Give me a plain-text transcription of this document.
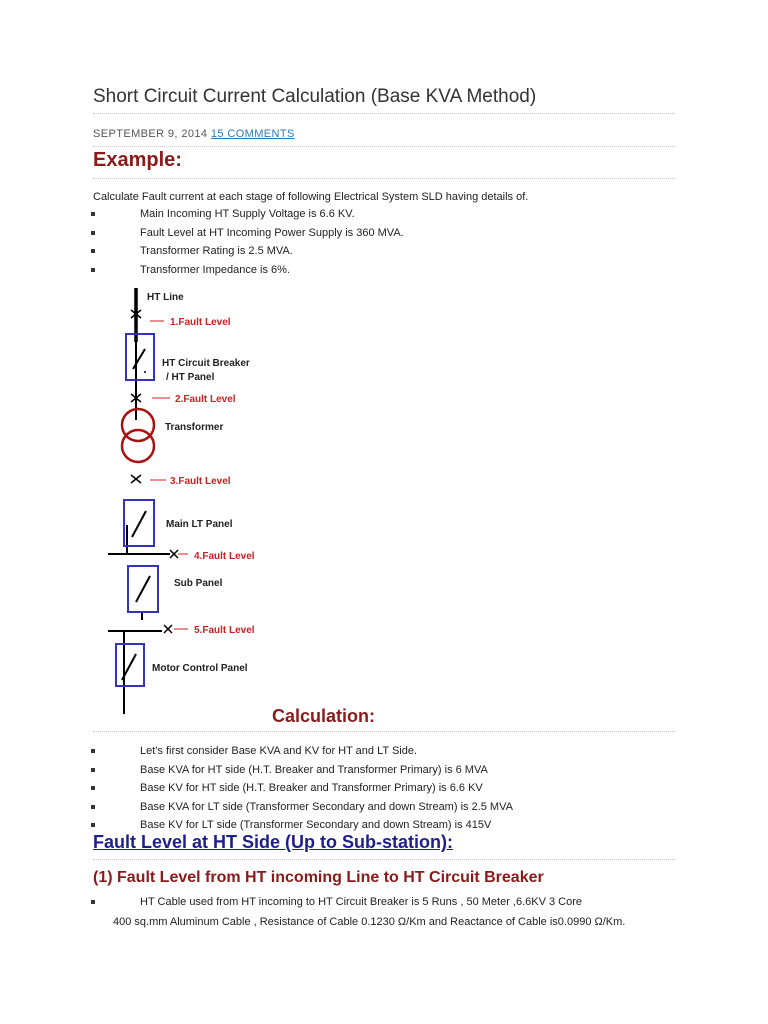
Short Circuit Current Calculation (Base KVA Method)
SEPTEMBER 9, 2014 15 COMMENTS
Example:
Calculate Fault current at each stage of following Electrical System SLD having details of.
Main Incoming HT Supply Voltage is 6.6 KV.
Fault Level at HT Incoming Power Supply is 360 MVA.
Transformer Rating is 2.5 MVA.
Transformer Impedance is 6%.
1.Fault Level
2.Fault Level
3.Fault Level
4.Fault Level
5.Fault Level
HT Circuit Breaker
/ HT Panel
Transformer
Main LT Panel
Sub Panel
Motor Control Panel
HT Line
Calculation:
Let's first consider Base KVA and KV for HT and LT Side.
Base KVA for HT side (H.T. Breaker and Transformer Primary) is 6 MVA
Base KV for HT side (H.T. Breaker and Transformer Primary) is 6.6 KV
Base KVA for LT side (Transformer Secondary and down Stream) is 2.5 MVA
Base KV for LT side (Transformer Secondary and down Stream) is 415V
Fault Level at HT Side (Up to Sub-station):
(1) Fault Level from HT incoming Line to HT Circuit Breaker
HT Cable used from HT incoming to HT Circuit Breaker is 5 Runs , 50 Meter ,6.6KV 3 Core
400 sq.mm Aluminum Cable , Resistance of Cable 0.1230 Ω/Km and Reactance of Cable is0.0990 Ω/Km.
